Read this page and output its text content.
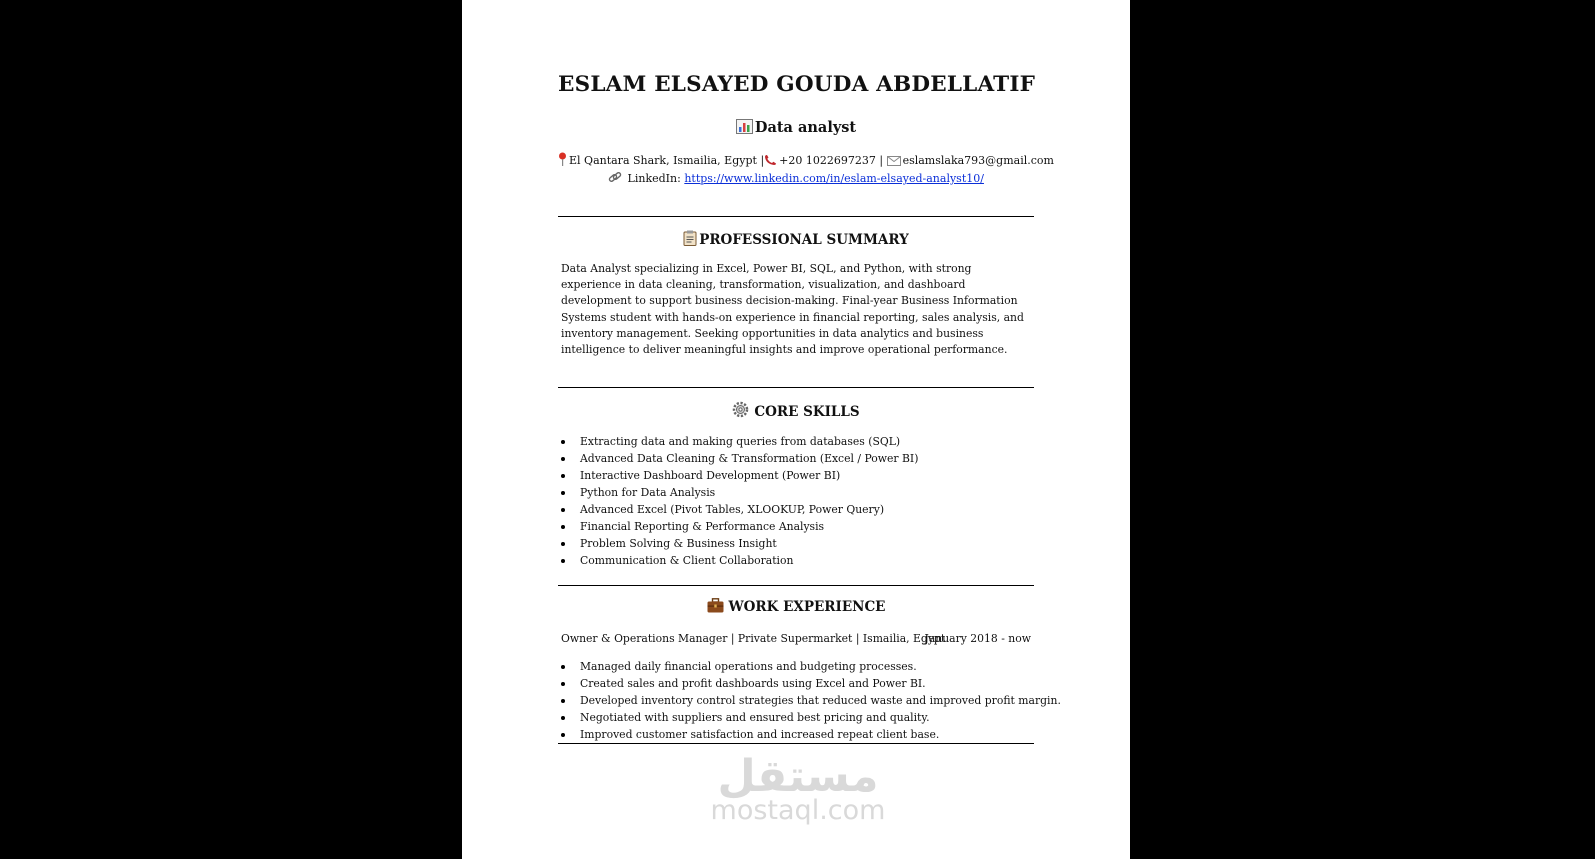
ESLAM ELSAYED GOUDA ABDELLATIF
Data analyst
El Qantara Shark, Ismailia, Egypt | +20 1022697237 | eslamslaka793@gmail.com
LinkedIn: https://www.linkedin.com/in/eslam-elsayed-analyst10/
PROFESSIONAL SUMMARY
Data Analyst specializing in Excel, Power BI, SQL, and Python, with strong experience in data cleaning, transformation, visualization, and dashboard development to support business decision-making. Final-year Business Information Systems student with hands-on experience in financial reporting, sales analysis, and inventory management. Seeking opportunities in data analytics and business intelligence to deliver meaningful insights and improve operational performance.
CORE SKILLS
Extracting data and making queries from databases (SQL)
Advanced Data Cleaning & Transformation (Excel / Power BI)
Interactive Dashboard Development (Power BI)
Python for Data Analysis
Advanced Excel (Pivot Tables, XLOOKUP, Power Query)
Financial Reporting & Performance Analysis
Problem Solving & Business Insight
Communication & Client Collaboration
WORK EXPERIENCE
Owner & Operations Manager | Private Supermarket | Ismailia, Egypt
January 2018 - now
Managed daily financial operations and budgeting processes.
Created sales and profit dashboards using Excel and Power BI.
Developed inventory control strategies that reduced waste and improved profit margin.
Negotiated with suppliers and ensured best pricing and quality.
Improved customer satisfaction and increased repeat client base.
مستقل
mostaql.com
